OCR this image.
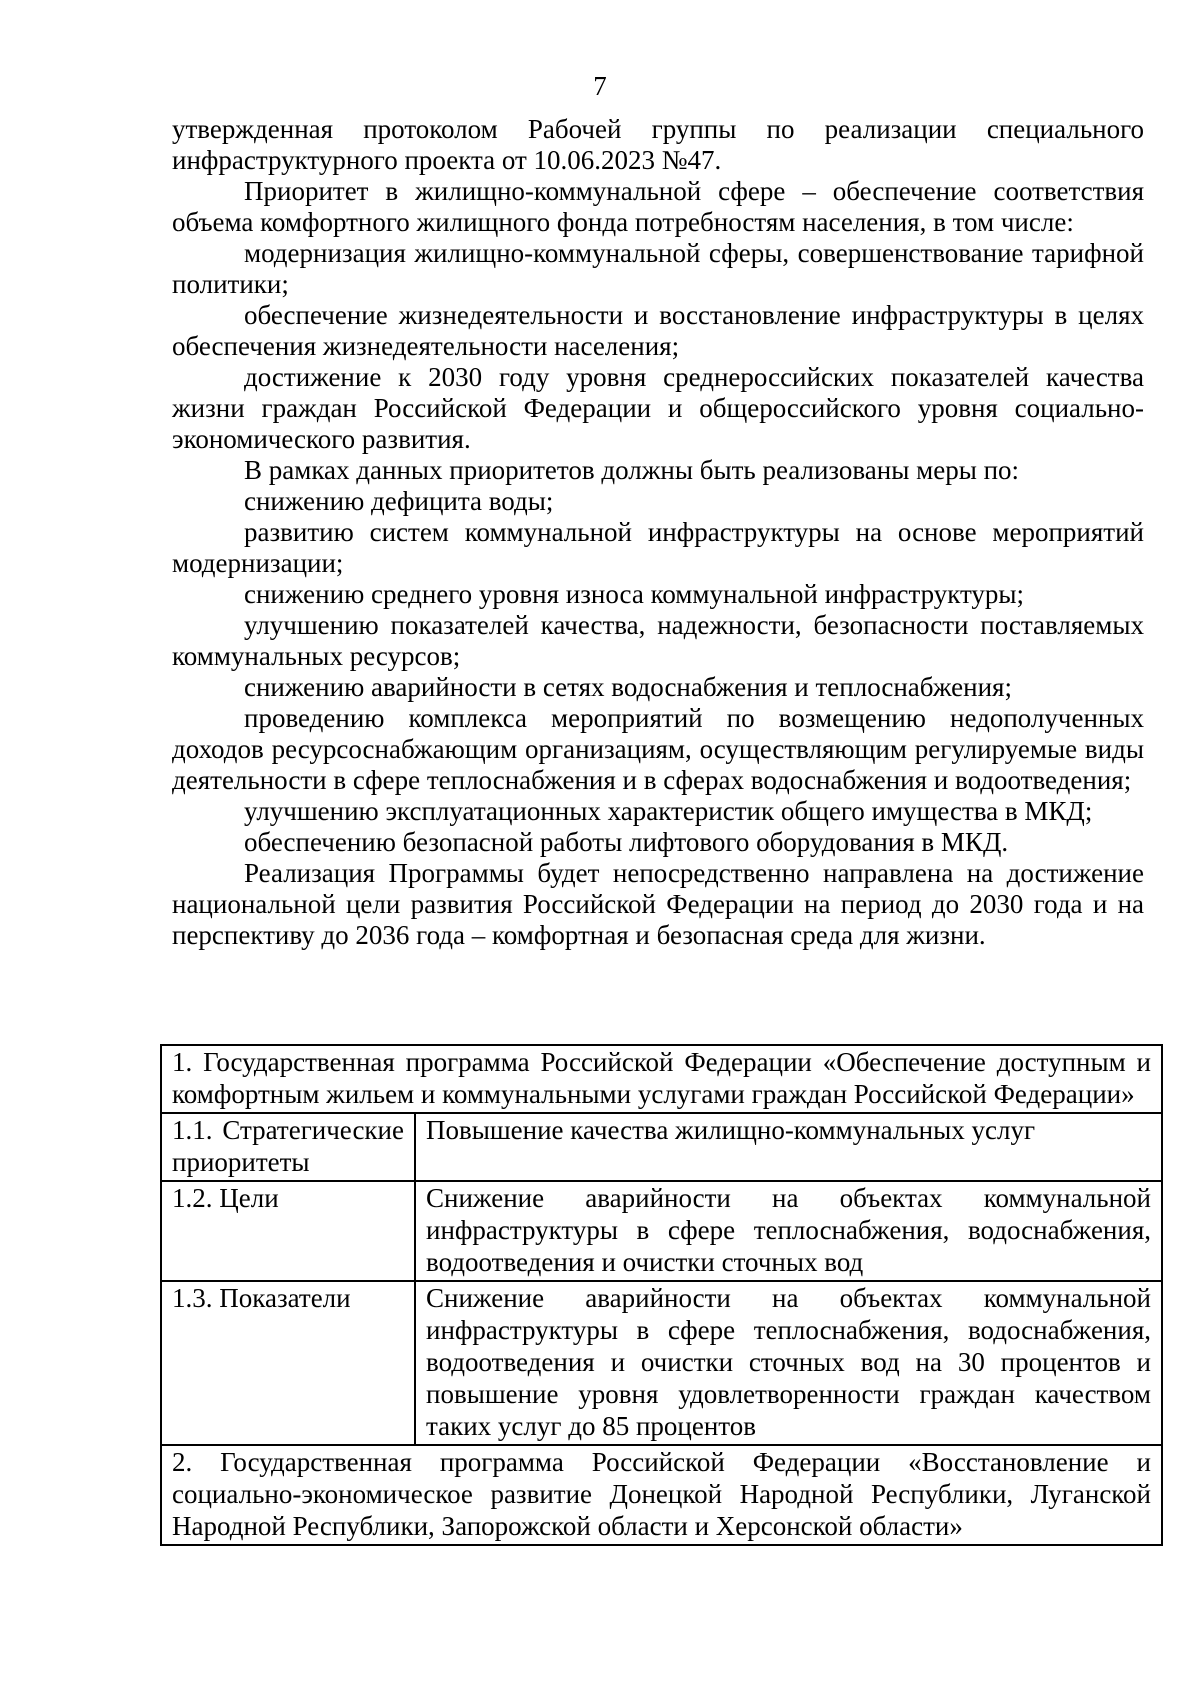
7

утвержденная протоколом Рабочей группы по реализации специального инфраструктурного проекта от 10.06.2023 №47.

Приоритет в жилищно-коммунальной сфере – обеспечение соответствия объема комфортного жилищного фонда потребностям населения, в том числе:

модернизация жилищно-коммунальной сферы, совершенствование тарифной политики;

обеспечение жизнедеятельности и восстановление инфраструктуры в целях обеспечения жизнедеятельности населения;

достижение к 2030 году уровня среднероссийских показателей качества жизни граждан Российской Федерации и общероссийского уровня социально-экономического развития.

В рамках данных приоритетов должны быть реализованы меры по:

снижению дефицита воды;

развитию систем коммунальной инфраструктуры на основе мероприятий модернизации;

снижению среднего уровня износа коммунальной инфраструктуры;

улучшению показателей качества, надежности, безопасности поставляемых коммунальных ресурсов;

снижению аварийности в сетях водоснабжения и теплоснабжения;

проведению комплекса мероприятий по возмещению недополученных доходов ресурсоснабжающим организациям, осуществляющим регулируемые виды деятельности в сфере теплоснабжения и в сферах водоснабжения и водоотведения;

улучшению эксплуатационных характеристик общего имущества в МКД;

обеспечению безопасной работы лифтового оборудования в МКД.

Реализация Программы будет непосредственно направлена на достижение национальной цели развития Российской Федерации на период до 2030 года и на перспективу до 2036 года – комфортная и безопасная среда для жизни.

1. Государственная программа Российской Федерации «Обеспечение доступным и комфортным жильем и коммунальными услугами граждан Российской Федерации»	
1.1. Стратегические приоритеты	Повышение качества жилищно-коммунальных услуг
1.2. Цели	Снижение аварийности на объектах коммунальной инфраструктуры в сфере теплоснабжения, водоснабжения, водоотведения и очистки сточных вод
1.3. Показатели	Снижение аварийности на объектах коммунальной инфраструктуры в сфере теплоснабжения, водоснабжения, водоотведения и очистки сточных вод на 30 процентов и повышение уровня удовлетворенности граждан качеством таких услуг до 85 процентов
2. Государственная программа Российской Федерации «Восстановление и социально-экономическое развитие Донецкой Народной Республики, Луганской Народной Республики, Запорожской области и Херсонской области»	
